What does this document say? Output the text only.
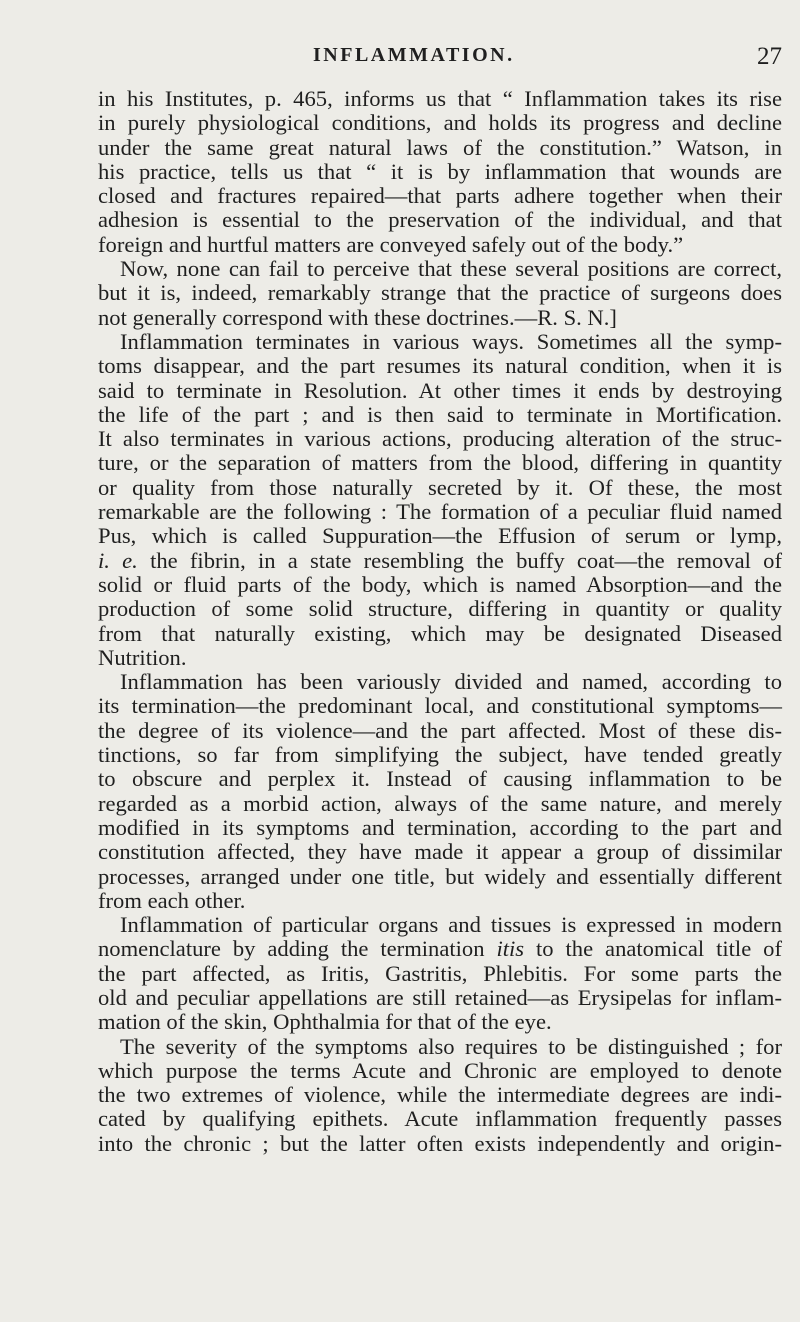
INFLAMMATION.	27
in his Institutes, p. 465, informs us that “ Inflammation takes its rise
in purely physiological conditions, and holds its progress and decline
under the same great natural laws of the constitution.” Watson, in
his practice, tells us that “ it is by inflammation that wounds are
closed and fractures repaired—that parts adhere together when their
adhesion is essential to the preservation of the individual, and that
foreign and hurtful matters are conveyed safely out of the body.”
Now, none can fail to perceive that these several positions are correct,
but it is, indeed, remarkably strange that the practice of surgeons does
not generally correspond with these doctrines.—R. S. N.]
Inflammation terminates in various ways. Sometimes all the symp-
toms disappear, and the part resumes its natural condition, when it is
said to terminate in Resolution. At other times it ends by destroying
the life of the part ; and is then said to terminate in Mortification.
It also terminates in various actions, producing alteration of the struc-
ture, or the separation of matters from the blood, differing in quantity
or quality from those naturally secreted by it. Of these, the most
remarkable are the following : The formation of a peculiar fluid named
Pus, which is called Suppuration—the Effusion of serum or lymp,
i. e. the fibrin, in a state resembling the buffy coat—the removal of
solid or fluid parts of the body, which is named Absorption—and the
production of some solid structure, differing in quantity or quality
from that naturally existing, which may be designated Diseased
Nutrition.
Inflammation has been variously divided and named, according to
its termination—the predominant local, and constitutional symptoms—
the degree of its violence—and the part affected. Most of these dis-
tinctions, so far from simplifying the subject, have tended greatly
to obscure and perplex it. Instead of causing inflammation to be
regarded as a morbid action, always of the same nature, and merely
modified in its symptoms and termination, according to the part and
constitution affected, they have made it appear a group of dissimilar
processes, arranged under one title, but widely and essentially different
from each other.
Inflammation of particular organs and tissues is expressed in modern
nomenclature by adding the termination itis to the anatomical title of
the part affected, as Iritis, Gastritis, Phlebitis. For some parts the
old and peculiar appellations are still retained—as Erysipelas for inflam-
mation of the skin, Ophthalmia for that of the eye.
The severity of the symptoms also requires to be distinguished ; for
which purpose the terms Acute and Chronic are employed to denote
the two extremes of violence, while the intermediate degrees are indi-
cated by qualifying epithets. Acute inflammation frequently passes
into the chronic ; but the latter often exists independently and origin-
